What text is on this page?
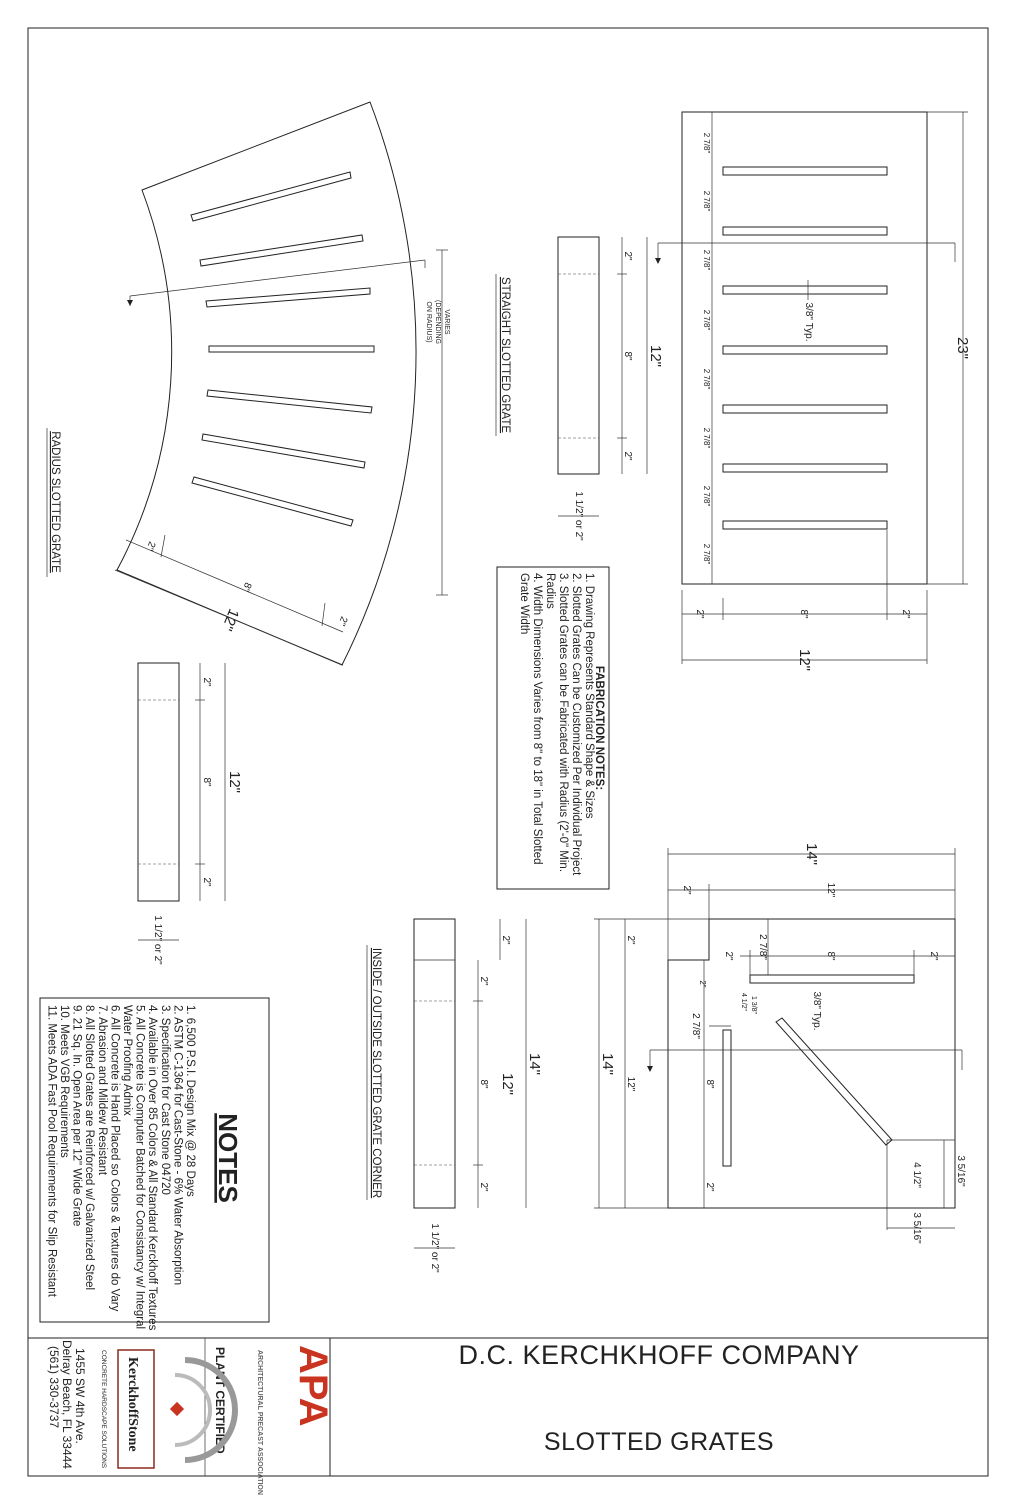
VARIES
(DEPENDING
ON RADIUS)
2"
8"
2"
12"
RADIUS SLOTTED GRATE
2"
8"
2"
12"
1 1/2" or 2"
STRAIGHT SLOTTED GRATE
2"
8"
2"
12"
1 1/2" or 2"
2 7/8"
2 7/8"
2 7/8"
2 7/8"
2 7/8"
2 7/8"
2 7/8"
2 7/8"
3/8" Typ.
23"
2"	8"	2"
12"
FABRICATION NOTES:
1. Drawing Represents Standard Shape & Sizes
2. Slotted Grates Can be Customized Per Individual Project
3. Slotted Grates can be Fabricated with Radius (2'-0" Min.
Radius
4. Width Dimensions Varies from 8" to 18" in Total Slotted
Grate Width
NOTES
1. 6,500 P.S.I. Design Mix @ 28 Days
2. ASTM C-1364 for Cast-Stone - 6% Water Absorption
3. Specification for Cast Stone 04720
4. Available in Over 85 Colors & All Standard Kerckhoff Textures
5. All Concrete is Computer Batched for Consistancy w/ Integral
Water Proofing Admix
6. All Concrete is Hand Placed so Colors & Textures do Vary
7. Abrasion and Mildew Resistant
8. All Slotted Grates are Reinforced w/ Galvanized Steel
9. 21 Sq. In. Open Area per 12" Wide Grate
10. Meets VGB Requirements
11. Meets ADA Fast Pool Requirements for Slip Resistant	INSIDE / OUTSIDE SLOTTED GRATE CORNER
2"
2"
8"
2"
12"
14"
1 1/2" or 2"
14"
2"	12"
2"	8"	2"
2 7/8"
3/8" Typ.
2"
4 1/2" 1 3/8"
2 7/8"
14"
2"
12"	8"
2"
3 5/16"
4 1/2"
3 5/16"
APA
ARCHITECTURAL PRECAST ASSOCIATION
PLANT CERTIFIED
KerckhoffStone
CONCRETE HARDSCAPE SOLUTIONS
1455 SW 4th Ave.
Delray Beach, FL 33444
(561) 330-3737	D.C. KERCHKHOFF COMPANY
SLOTTED GRATES
